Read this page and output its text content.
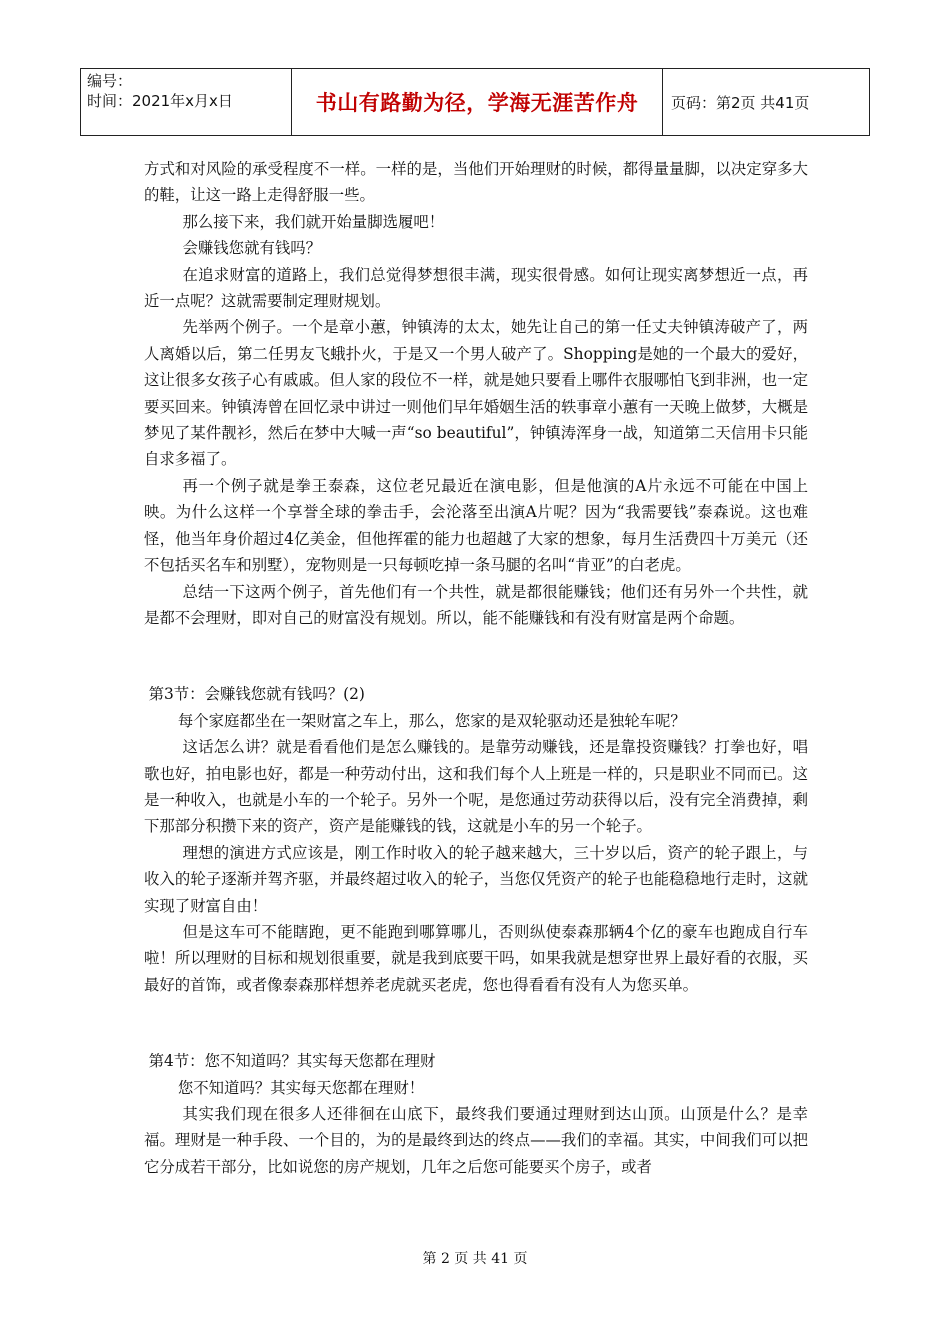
编号：
时间：2021年x月x日	书山有路勤为径，学海无涯苦作舟	页码：第2页 共41页

方式和对风险的承受程度不一样。一样的是，当他们开始理财的时候，都得量量脚，以决定穿多大的鞋，让这一路上走得舒服一些。

那么接下来，我们就开始量脚选履吧！

会赚钱您就有钱吗？

在追求财富的道路上，我们总觉得梦想很丰满，现实很骨感。如何让现实离梦想近一点，再近一点呢？这就需要制定理财规划。

先举两个例子。一个是章小蕙，钟镇涛的太太，她先让自己的第一任丈夫钟镇涛破产了，两人离婚以后，第二任男友飞蛾扑火，于是又一个男人破产了。Shopping是她的一个最大的爱好，这让很多女孩子心有戚戚。但人家的段位不一样，就是她只要看上哪件衣服哪怕飞到非洲，也一定要买回来。钟镇涛曾在回忆录中讲过一则他们早年婚姻生活的轶事章小蕙有一天晚上做梦，大概是梦见了某件靓衫，然后在梦中大喊一声“so beautiful”，钟镇涛浑身一战，知道第二天信用卡只能自求多福了。

再一个例子就是拳王泰森，这位老兄最近在演电影，但是他演的A片永远不可能在中国上映。为什么这样一个享誉全球的拳击手，会沦落至出演A片呢？因为“我需要钱”泰森说。这也难怪，他当年身价超过4亿美金，但他挥霍的能力也超越了大家的想象，每月生活费四十万美元（还不包括买名车和别墅），宠物则是一只每顿吃掉一条马腿的名叫“肯亚”的白老虎。

总结一下这两个例子，首先他们有一个共性，就是都很能赚钱；他们还有另外一个共性，就是都不会理财，即对自己的财富没有规划。所以，能不能赚钱和有没有财富是两个命题。

第3节：会赚钱您就有钱吗？(2)

每个家庭都坐在一架财富之车上，那么，您家的是双轮驱动还是独轮车呢？

这话怎么讲？就是看看他们是怎么赚钱的。是靠劳动赚钱，还是靠投资赚钱？打拳也好，唱歌也好，拍电影也好，都是一种劳动付出，这和我们每个人上班是一样的，只是职业不同而已。这是一种收入，也就是小车的一个轮子。另外一个呢，是您通过劳动获得以后，没有完全消费掉，剩下那部分积攒下来的资产，资产是能赚钱的钱，这就是小车的另一个轮子。

理想的演进方式应该是，刚工作时收入的轮子越来越大，三十岁以后，资产的轮子跟上，与收入的轮子逐渐并驾齐驱，并最终超过收入的轮子，当您仅凭资产的轮子也能稳稳地行走时，这就实现了财富自由！

但是这车可不能瞎跑，更不能跑到哪算哪儿，否则纵使泰森那辆4个亿的豪车也跑成自行车啦！所以理财的目标和规划很重要，就是我到底要干吗，如果我就是想穿世界上最好看的衣服，买最好的首饰，或者像泰森那样想养老虎就买老虎，您也得看看有没有人为您买单。

第4节：您不知道吗？其实每天您都在理财

您不知道吗？其实每天您都在理财！

其实我们现在很多人还徘徊在山底下，最终我们要通过理财到达山顶。山顶是什么？是幸福。理财是一种手段、一个目的，为的是最终到达的终点——我们的幸福。其实，中间我们可以把它分成若干部分，比如说您的房产规划，几年之后您可能要买个房子，或者

第 2 页 共 41 页
